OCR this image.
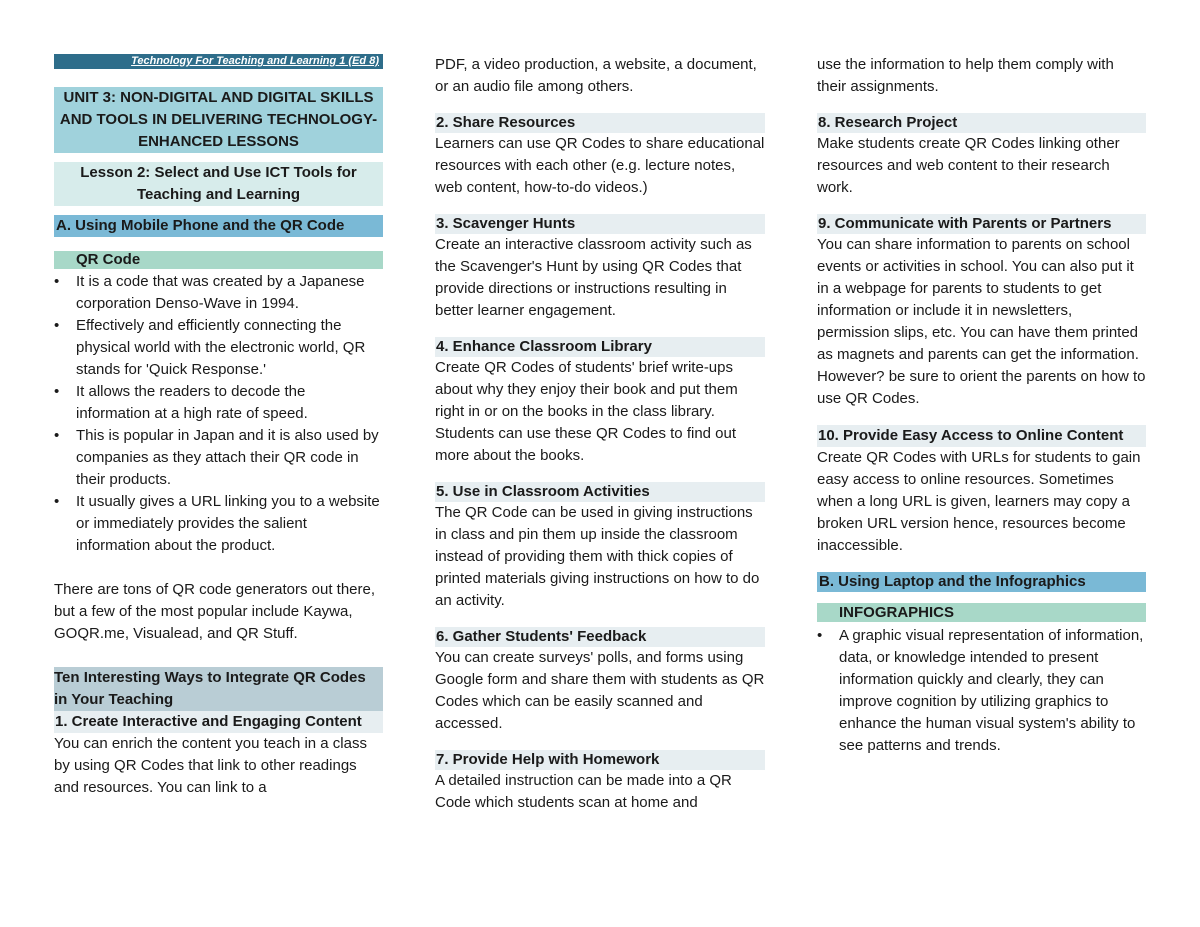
Technology For Teaching and Learning 1 (Ed 8)
UNIT 3: NON-DIGITAL AND DIGITAL SKILLS AND TOOLS IN DELIVERING TECHNOLOGY-ENHANCED LESSONS
Lesson 2: Select and Use ICT Tools for Teaching and Learning
A. Using Mobile Phone and the QR Code
QR Code
• It is a code that was created by a Japanese corporation Denso-Wave in 1994.
• Effectively and efficiently connecting the physical world with the electronic world, QR stands for 'Quick Response.'
• It allows the readers to decode the information at a high rate of speed.
• This is popular in Japan and it is also used by companies as they attach their QR code in their products.
• It usually gives a URL linking you to a website or immediately provides the salient information about the product.

There are tons of QR code generators out there, but a few of the most popular include Kaywa, GOQR.me, Visualead, and QR Stuff.

Ten Interesting Ways to Integrate QR Codes in Your Teaching
1. Create Interactive and Engaging Content

You can enrich the content you teach in a class by using QR Codes that link to other readings and resources. You can link to a

PDF, a video production, a website, a document, or an audio file among others.

2. Share Resources

Learners can use QR Codes to share educational resources with each other (e.g. lecture notes, web content, how-to-do videos.)

3. Scavenger Hunts

Create an interactive classroom activity such as the Scavenger's Hunt by using QR Codes that provide directions or instructions resulting in better learner engagement.

4. Enhance Classroom Library

Create QR Codes of students' brief write-ups about why they enjoy their book and put them right in or on the books in the class library. Students can use these QR Codes to find out more about the books.

5. Use in Classroom Activities

The QR Code can be used in giving instructions in class and pin them up inside the classroom instead of providing them with thick copies of printed materials giving instructions on how to do an activity.

6. Gather Students' Feedback

You can create surveys' polls, and forms using Google form and share them with students as QR Codes which can be easily scanned and accessed.

7. Provide Help with Homework

A detailed instruction can be made into a QR Code which students scan at home and

use the information to help them comply with their assignments.

8. Research Project

Make students create QR Codes linking other resources and web content to their research work.

9. Communicate with Parents or Partners

You can share information to parents on school events or activities in school. You can also put it in a webpage for parents to students to get information or include it in newsletters, permission slips, etc. You can have them printed as magnets and parents can get the information. However? be sure to orient the parents on how to use QR Codes.

10. Provide Easy Access to Online Content

Create QR Codes with URLs for students to gain easy access to online resources. Sometimes when a long URL is given, learners may copy a broken URL version hence, resources become inaccessible.

B. Using Laptop and the Infographics
INFOGRAPHICS
• A graphic visual representation of information, data, or knowledge intended to present information quickly and clearly, they can improve cognition by utilizing graphics to enhance the human visual system's ability to see patterns and trends.
